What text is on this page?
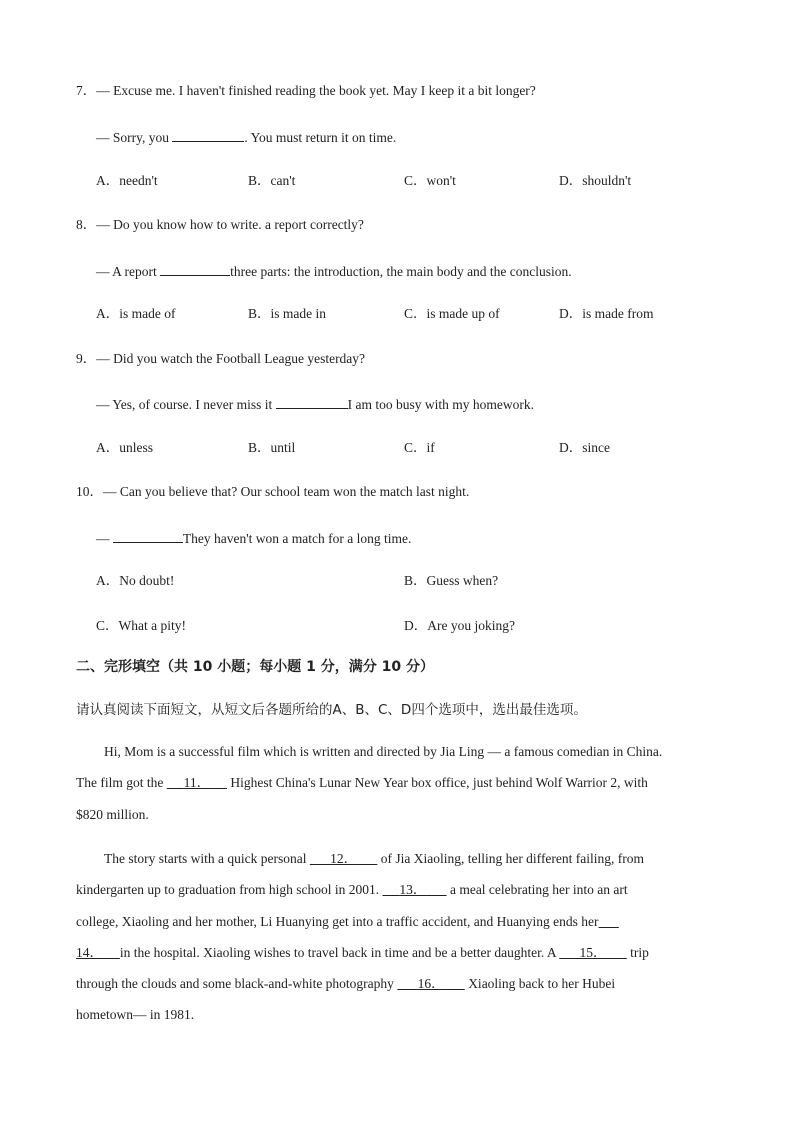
7．— Excuse me. I haven't finished reading the book yet. May I keep it a bit longer?
— Sorry, you	. You must return it on time.
A．needn't	B．can't	C．won't	D．shouldn't
8．— Do you know how to write. a report correctly?
— A report	three parts: the introduction, the main body and the conclusion.
A．is made of	B．is made in	C．is made up of	D．is made from
9．— Did you watch the Football League yesterday?
— Yes, of course. I never miss it	I am too busy with my homework.
A．unless	B．until	C．if	D．since
10．— Can you believe that? Our school team won the match last night.
—	They haven't won a match for a long time.
A．No doubt!	B．Guess when?
C．What a pity!	D．Are you joking?
二、完形填空（共 10 小题；每小题 1 分，满分 10 分）
请认真阅读下面短文，从短文后各题所给的A、B、C、D四个选项中，选出最佳选项。
Hi, Mom is a successful film which is written and directed by Jia Ling — a famous comedian in China.
The film got the      11．      Highest China's Lunar New Year box office, just behind Wolf Warrior 2, with
$820 million.
The story starts with a quick personal       12．       of Jia Xiaoling, telling her different failing, from
kindergarten up to graduation from high school in 2001.      13．       a meal celebrating her into an art
college, Xiaoling and her mother, Li Huanying get into a traffic accident, and Huanying ends her
14． in the hospital. Xiaoling wishes to travel back in time and be a better daughter. A       15．       trip
through the clouds and some black-and-white photography       16．       Xiaoling back to her Hubei
hometown— in 1981.
